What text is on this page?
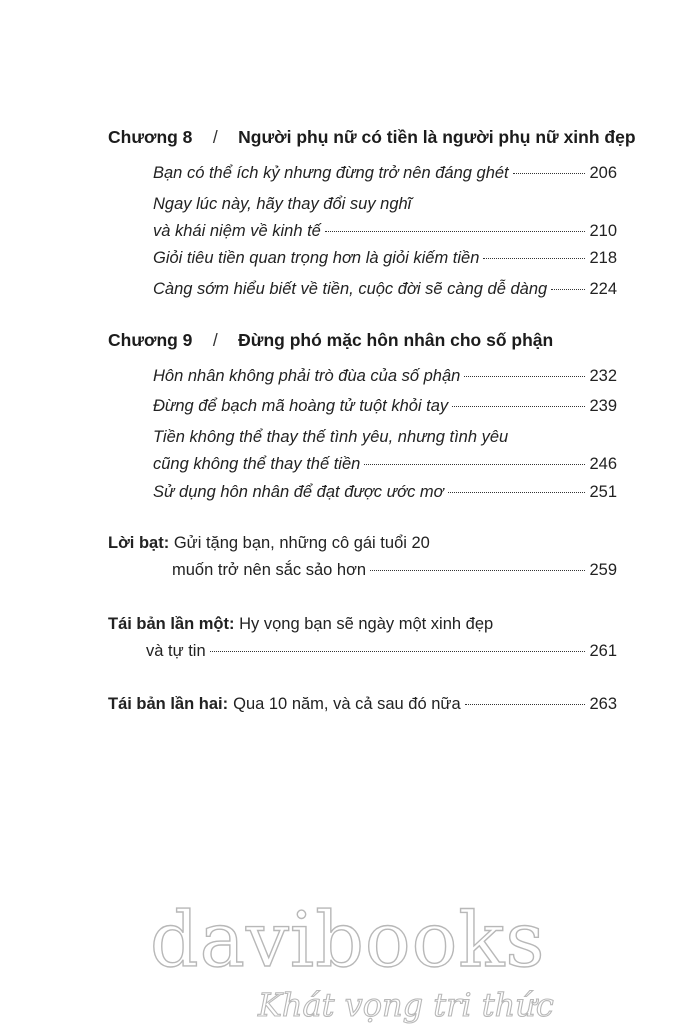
Chương 8 / Người phụ nữ có tiền là người phụ nữ xinh đẹp
Bạn có thể ích kỷ nhưng đừng trở nên đáng ghét	206
Ngay lúc này, hãy thay đổi suy nghĩ
và khái niệm về kinh tế	210
Giỏi tiêu tiền quan trọng hơn là giỏi kiếm tiền	218
Càng sớm hiểu biết về tiền, cuộc đời sẽ càng dễ dàng	224
Chương 9 / Đừng phó mặc hôn nhân cho số phận
Hôn nhân không phải trò đùa của số phận	232
Đừng để bạch mã hoàng tử tuột khỏi tay	239
Tiền không thể thay thế tình yêu, nhưng tình yêu
cũng không thể thay thế tiền	246
Sử dụng hôn nhân để đạt được ước mơ	251
Lời bạt: Gửi tặng bạn, những cô gái tuổi 20
muốn trở nên sắc sảo hơn	259
Tái bản lần một: Hy vọng bạn sẽ ngày một xinh đẹp
và tự tin	261
Tái bản lần hai: Qua 10 năm, và cả sau đó nữa	263
davibooks
Khát vọng tri thức
